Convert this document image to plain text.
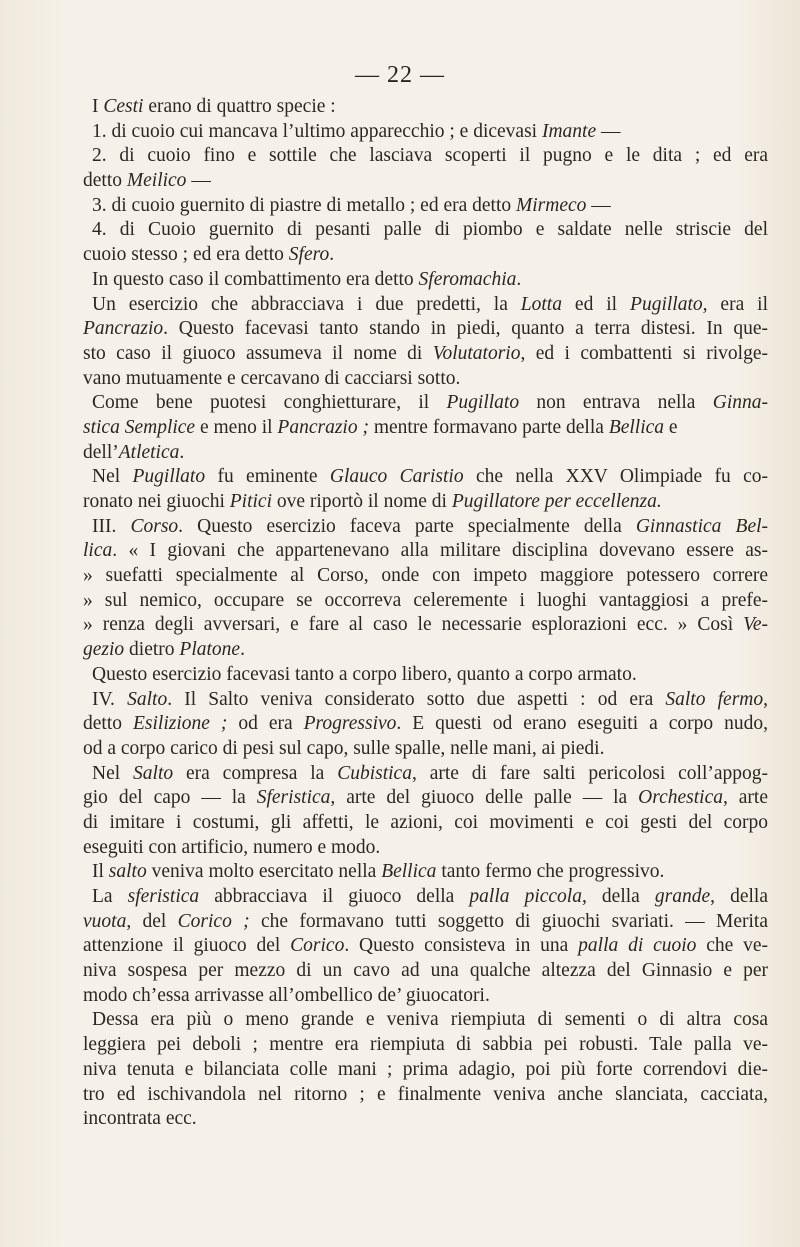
— 22 —
I Cesti erano di quattro specie :
1. di cuoio cui mancava l’ultimo apparecchio ; e dicevasi Imante —
2. di cuoio fino e sottile che lasciava scoperti il pugno e le dita ; ed era
detto Meilico —
3. di cuoio guernito di piastre di metallo ; ed era detto Mirmeco —
4. di Cuoio guernito di pesanti palle di piombo e saldate nelle striscie del
cuoio stesso ; ed era detto Sfero.
In questo caso il combattimento era detto Sferomachia.
Un esercizio che abbracciava i due predetti, la Lotta ed il Pugillato, era il
Pancrazio. Questo facevasi tanto stando in piedi, quanto a terra distesi. In que-
sto caso il giuoco assumeva il nome di Volutatorio, ed i combattenti si rivolge-
vano mutuamente e cercavano di cacciarsi sotto.
Come bene puotesi conghietturare, il Pugillato non entrava nella Ginna-
stica Semplice e meno il Pancrazio ; mentre formavano parte della Bellica e
dell’Atletica.
Nel Pugillato fu eminente Glauco Caristio che nella XXV Olimpiade fu co-
ronato nei giuochi Pitici ove riportò il nome di Pugillatore per eccellenza.
III. Corso. Questo esercizio faceva parte specialmente della Ginnastica Bel-
lica. « I giovani che appartenevano alla militare disciplina dovevano essere as-
» suefatti specialmente al Corso, onde con impeto maggiore potessero correre
» sul nemico, occupare se occorreva celeremente i luoghi vantaggiosi a prefe-
» renza degli avversari, e fare al caso le necessarie esplorazioni ecc. » Così Ve-
gezio dietro Platone.
Questo esercizio facevasi tanto a corpo libero, quanto a corpo armato.
IV. Salto. Il Salto veniva considerato sotto due aspetti : od era Salto fermo,
detto Esilizione ; od era Progressivo. E questi od erano eseguiti a corpo nudo,
od a corpo carico di pesi sul capo, sulle spalle, nelle mani, ai piedi.
Nel Salto era compresa la Cubistica, arte di fare salti pericolosi coll’appog-
gio del capo — la Sferistica, arte del giuoco delle palle — la Orchestica, arte
di imitare i costumi, gli affetti, le azioni, coi movimenti e coi gesti del corpo
eseguiti con artificio, numero e modo.
Il salto veniva molto esercitato nella Bellica tanto fermo che progressivo.
La sferistica abbracciava il giuoco della palla piccola, della grande, della
vuota, del Corico ; che formavano tutti soggetto di giuochi svariati. — Merita
attenzione il giuoco del Corico. Questo consisteva in una palla di cuoio che ve-
niva sospesa per mezzo di un cavo ad una qualche altezza del Ginnasio e per
modo ch’essa arrivasse all’ombellico de’ giuocatori.
Dessa era più o meno grande e veniva riempiuta di sementi o di altra cosa
leggiera pei deboli ; mentre era riempiuta di sabbia pei robusti. Tale palla ve-
niva tenuta e bilanciata colle mani ; prima adagio, poi più forte correndovi die-
tro ed ischivandola nel ritorno ; e finalmente veniva anche slanciata, cacciata,
incontrata ecc.
